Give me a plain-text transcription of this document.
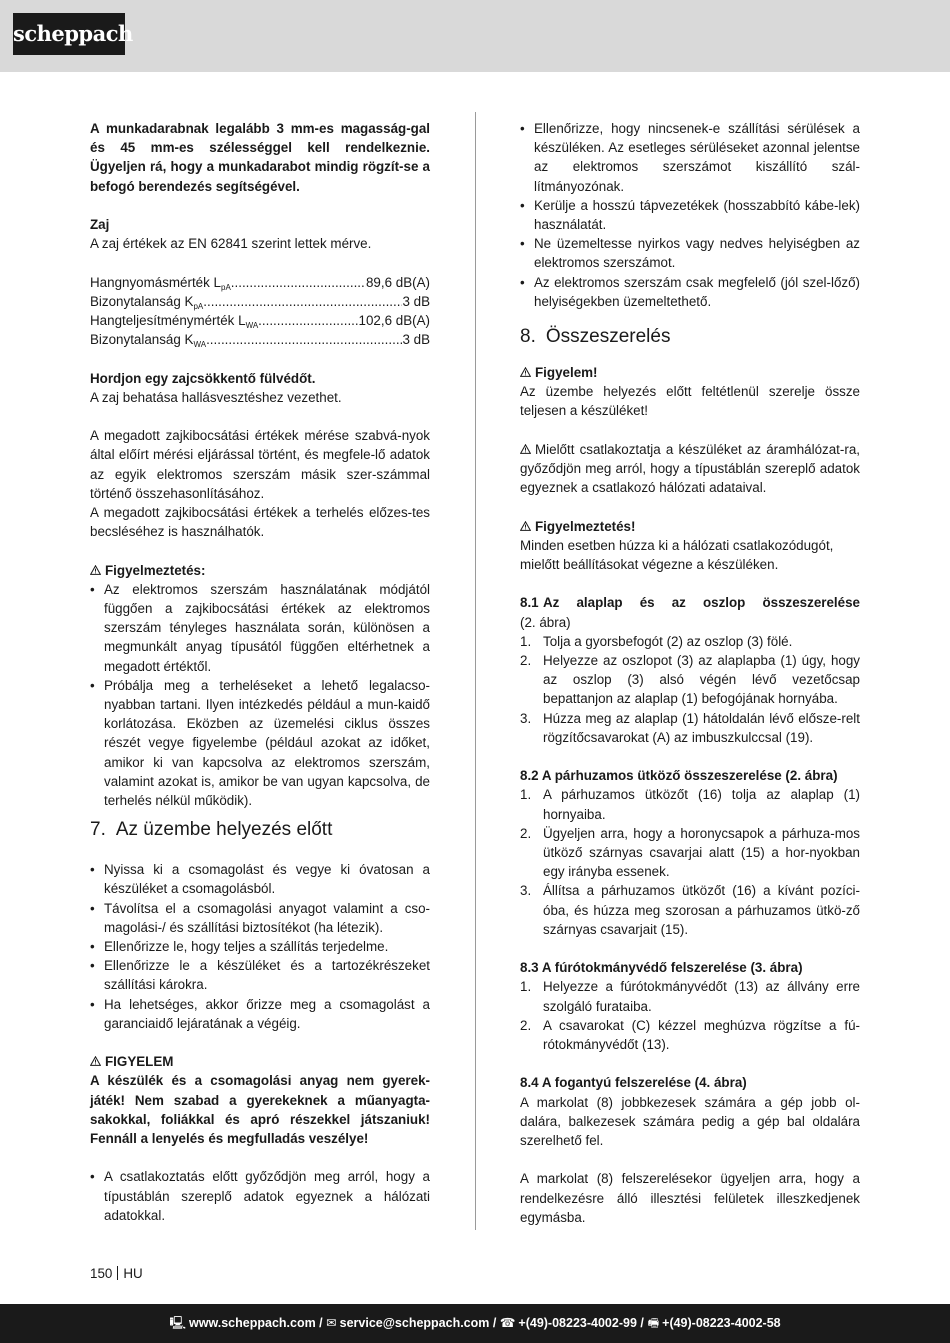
scheppach

A munkadarabnak legalább 3 mm-es magasság-gal és 45 mm-es szélességgel kell rendelkeznie. Ügyeljen rá, hogy a munkadarabot mindig rögzít-se a befogó berendezés segítségével.

Zaj

A zaj értékek az EN 62841 szerint lettek mérve.

Hangnyomásmérték $L_{pA}$ .....	89,6 dB(A)
Bizonytalanság $K_{pA}$ .....	3 dB
Hangteljesítménymérték $L_{WA}$ .....	102,6 dB(A)
Bizonytalanság $K_{WA}$ .....	3 dB

Hordjon egy zajcsökkentő fülvédőt.

A zaj behatása hallásvesztéshez vezethet.

A megadott zajkibocsátási értékek mérése szabvá-nyok által előírt mérési eljárással történt, és megfele-lő adatok az egyik elektromos szerszám másik szer-számmal történő összehasonlításához.

A megadott zajkibocsátási értékek a terhelés előzes-tes becsléséhez is használhatók.

Figyelmeztetés:

• Az elektromos szerszám használatának módjától függően a zajkibocsátási értékek az elektromos szerszám tényleges használata során, különösen a megmunkált anyag típusától függően eltérhetnek a megadott értéktől.
• Próbálja meg a terheléseket a lehető legalacso-nyabban tartani. Ilyen intézkedés például a mun-kaidő korlátozása. Eközben az üzemelési ciklus összes részét vegye figyelembe (például azokat az időket, amikor ki van kapcsolva az elektromos szerszám, valamint azokat is, amikor be van ugyan kapcsolva, de terhelés nélkül működik).
7. Az üzembe helyezés előtt
• Nyissa ki a csomagolást és vegye ki óvatosan a készüléket a csomagolásból.
• Távolítsa el a csomagolási anyagot valamint a cso-magolási-/ és szállítási biztosítékot (ha létezik).
• Ellenőrizze le, hogy teljes a szállítás terjedelme.
• Ellenőrizze le a készüléket és a tartozékrészeket szállítási károkra.
• Ha lehetséges, akkor őrizze meg a csomagolást a garanciaidő lejáratának a végéig.

FIGYELEM

A készülék és a csomagolási anyag nem gyerek-játék! Nem szabad a gyerekeknek a műanyagta-sakokkal, foliákkal és apró részekkel játszaniuk! Fennáll a lenyelés és megfulladás veszélye!

• A csatlakoztatás előtt győződjön meg arról, hogy a típustáblán szereplő adatok egyeznek a hálózati adatokkal.
• Ellenőrizze, hogy nincsenek-e szállítási sérülések a készüléken. Az esetleges sérüléseket azonnal jelentse az elektromos szerszámot kiszállító szál-lítmányozónak.
• Kerülje a hosszú tápvezetékek (hosszabbító kábe-lek) használatát.
• Ne üzemeltesse nyirkos vagy nedves helyiségben az elektromos szerszámot.
• Az elektromos szerszám csak megfelelő (jól szel-lőző) helyiségekben üzemeltethető.
8. Összeszerelés

Figyelem!

Az üzembe helyezés előtt feltétlenül szerelje össze teljesen a készüléket!

Mielőtt csatlakoztatja a készüléket az áramhálózat-ra, győződjön meg arról, hogy a típustáblán szereplő adatok egyeznek a csatlakozó hálózati adataival.

Figyelmeztetés!

Minden esetben húzza ki a hálózati csatlakozódugót, mielőtt beállításokat végezne a készüléken.

8.1 Az alaplap és az oszlop összeszerelése

(2. ábra)

1. Tolja a gyorsbefogót (2) az oszlop (3) fölé.
2. Helyezze az oszlopot (3) az alaplapba (1) úgy, hogy az oszlop (3) alsó végén lévő vezetőcsap bepattanjon az alaplap (1) befogójának hornyába.
3. Húzza meg az alaplap (1) hátoldalán lévő elősze-relt rögzítőcsavarokat (A) az imbuszkulccsal (19).

8.2 A párhuzamos ütköző összeszerelése (2. ábra)

1. A párhuzamos ütközőt (16) tolja az alaplap (1) hornyaiba.
2. Ügyeljen arra, hogy a horonycsapok a párhuza-mos ütköző szárnyas csavarjai alatt (15) a hor-nyokban egy irányba essenek.
3. Állítsa a párhuzamos ütközőt (16) a kívánt pozíci-óba, és húzza meg szorosan a párhuzamos ütkö-ző szárnyas csavarjait (15).

8.3 A fúrótokmányvédő felszerelése (3. ábra)

1. Helyezze a fúrótokmányvédőt (13) az állvány erre szolgáló furataiba.
2. A csavarokat (C) kézzel meghúzva rögzítse a fú-rótokmányvédőt (13).

8.4 A fogantyú felszerelése (4. ábra)

A markolat (8) jobbkezesek számára a gép jobb ol-dalára, balkezesek számára pedig a gép bal oldalára szerelhető fel.

A markolat (8) felszerelésekor ügyeljen arra, hogy a rendelkezésre álló illesztési felületek illeszkedjenek egymásba.

150 HU
🖳 www.scheppach.com / ✉ service@scheppach.com / ☎ +(49)-08223-4002-99 / 🖷 +(49)-08223-4002-58
